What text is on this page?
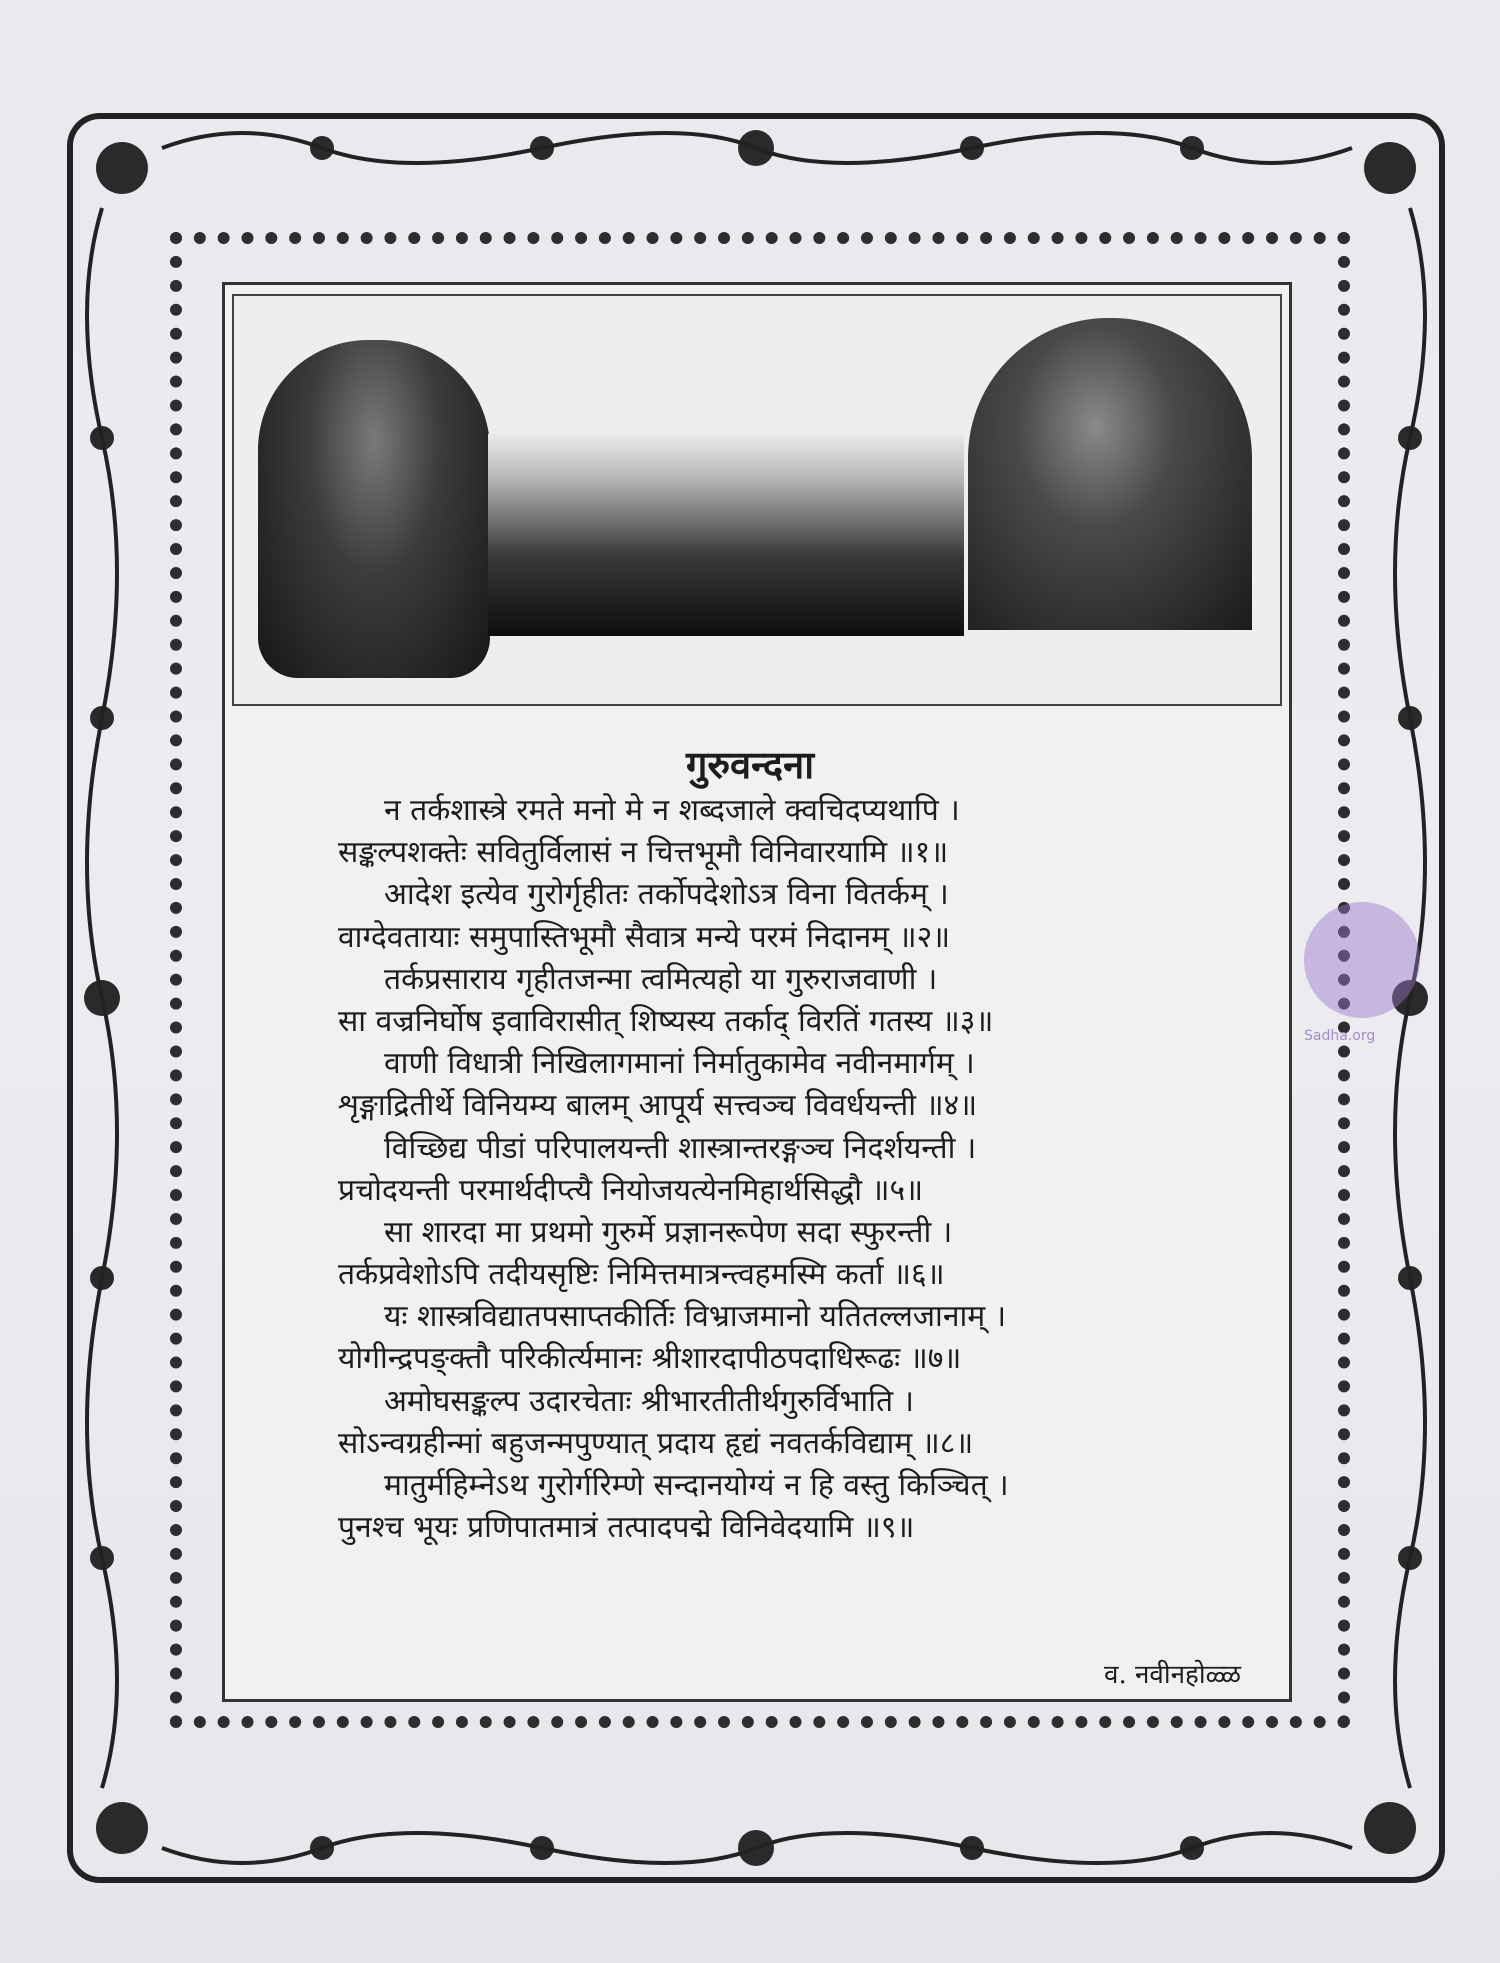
गुरुवन्दना
न तर्कशास्त्रे रमते मनो मे न शब्दजाले क्वचिदप्यथापि ।
सङ्कल्पशक्तेः सवितुर्विलासं न चित्तभूमौ विनिवारयामि ॥१॥
आदेश इत्येव गुरोर्गृहीतः तर्कोपदेशोऽत्र विना वितर्कम् ।
वाग्देवतायाः समुपास्तिभूमौ सैवात्र मन्ये परमं निदानम् ॥२॥
तर्कप्रसाराय गृहीतजन्मा त्वमित्यहो या गुरुराजवाणी ।
सा वज्रनिर्घोष इवाविरासीत् शिष्यस्य तर्काद् विरतिं गतस्य ॥३॥
वाणी विधात्री निखिलागमानां निर्मातुकामेव नवीनमार्गम् ।
शृङ्गाद्रितीर्थे विनियम्य बालम् आपूर्य सत्त्वञ्च विवर्धयन्ती ॥४॥
विच्छिद्य पीडां परिपालयन्ती शास्त्रान्तरङ्गञ्च निदर्शयन्ती ।
प्रचोदयन्ती परमार्थदीप्त्यै नियोजयत्येनमिहार्थसिद्धौ ॥५॥
सा शारदा मा प्रथमो गुरुर्मे प्रज्ञानरूपेण सदा स्फुरन्ती ।
तर्कप्रवेशोऽपि तदीयसृष्टिः निमित्तमात्रन्त्वहमस्मि कर्ता ॥६॥
यः शास्त्रविद्यातपसाप्तकीर्तिः विभ्राजमानो यतितल्लजानाम् ।
योगीन्द्रपङ्क्तौ परिकीर्त्यमानः श्रीशारदापीठपदाधिरूढः ॥७॥
अमोघसङ्कल्प उदारचेताः श्रीभारतीतीर्थगुरुर्विभाति ।
सोऽन्वग्रहीन्मां बहुजन्मपुण्यात् प्रदाय हृद्यं नवतर्कविद्याम् ॥८॥
मातुर्महिम्नेऽथ गुरोर्गरिम्णे सन्दानयोग्यं न हि वस्तु किञ्चित् ।
पुनश्च भूयः प्रणिपातमात्रं तत्पादपद्मे विनिवेदयामि ॥९॥
व. नवीनहोळ्ळ
Sadha.org
